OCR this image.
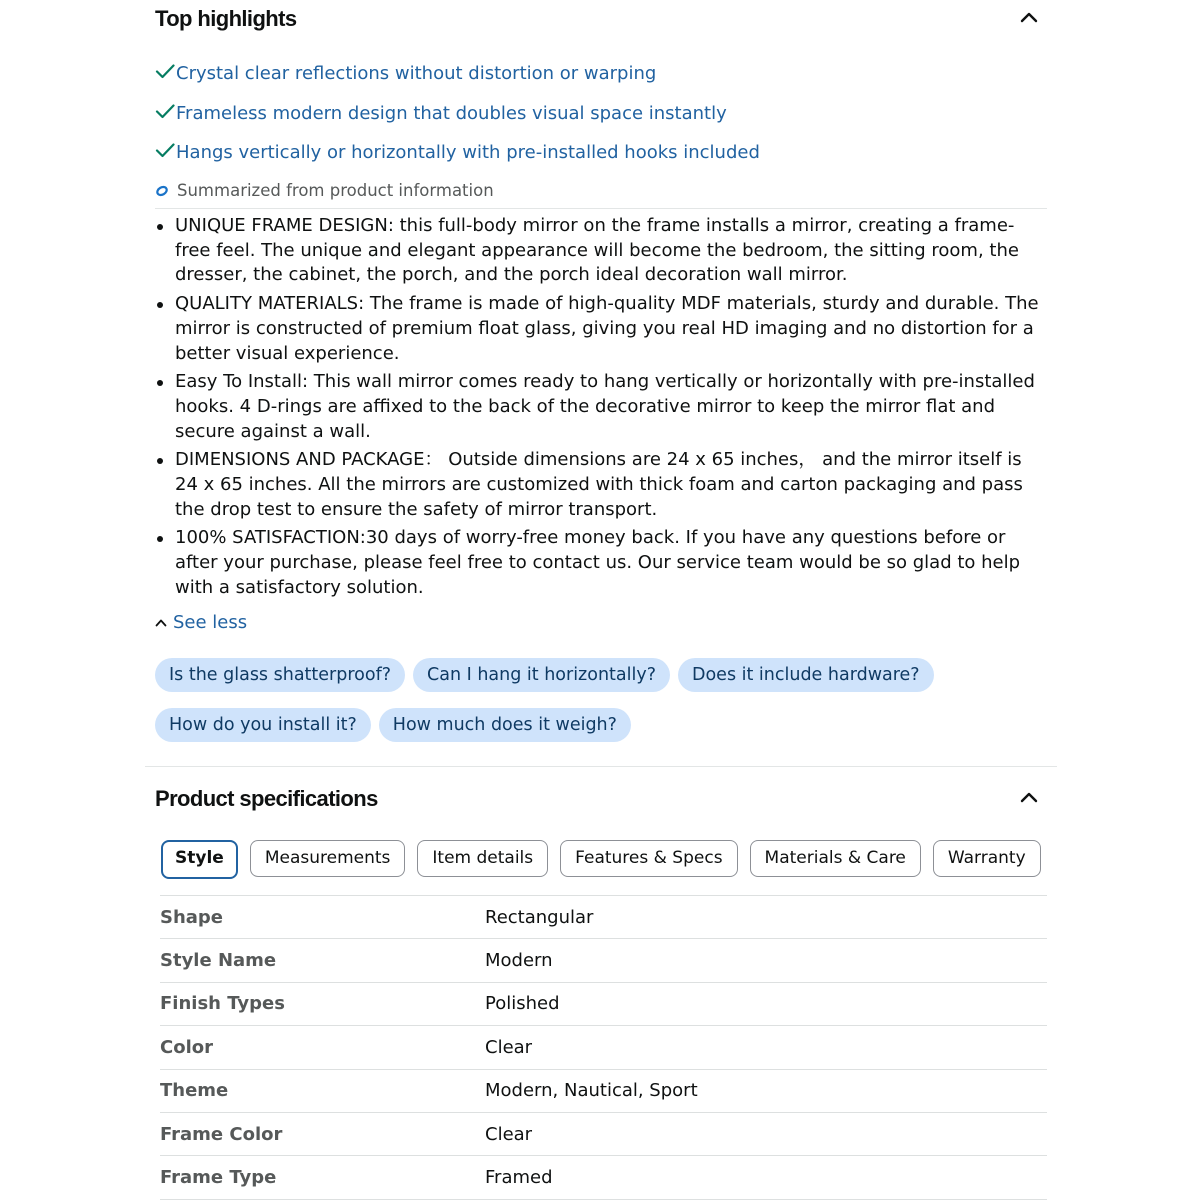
Top highlights
Crystal clear reflections without distortion or warping
Frameless modern design that doubles visual space instantly
Hangs vertically or horizontally with pre-installed hooks included
Summarized from product information
UNIQUE FRAME DESIGN: this full-body mirror on the frame installs a mirror, creating a frame-free feel. The unique and elegant appearance will become the bedroom, the sitting room, the dresser, the cabinet, the porch, and the porch ideal decoration wall mirror.
QUALITY MATERIALS: The frame is made of high-quality MDF materials, sturdy and durable. The mirror is constructed of premium float glass, giving you real HD imaging and no distortion for a better visual experience.
Easy To Install: This wall mirror comes ready to hang vertically or horizontally with pre-installed hooks. 4 D-rings are affixed to the back of the decorative mirror to keep the mirror flat and secure against a wall.
DIMENSIONS AND PACKAGE： Outside dimensions are 24 x 65 inches， and the mirror itself is 24 x 65 inches. All the mirrors are customized with thick foam and carton packaging and pass the drop test to ensure the safety of mirror transport.
100% SATISFACTION:30 days of worry-free money back. If you have any questions before or after your purchase, please feel free to contact us. Our service team would be so glad to help with a satisfactory solution.
See less
Is the glass shatterproof?	Can I hang it horizontally?	Does it include hardware?
How do you install it?	How much does it weigh?
Product specifications
Style	Measurements	Item details	Features & Specs	Materials & Care	Warranty
Shape	Rectangular
Style Name	Modern
Finish Types	Polished
Color	Clear
Theme	Modern, Nautical, Sport
Frame Color	Clear
Frame Type	Framed
